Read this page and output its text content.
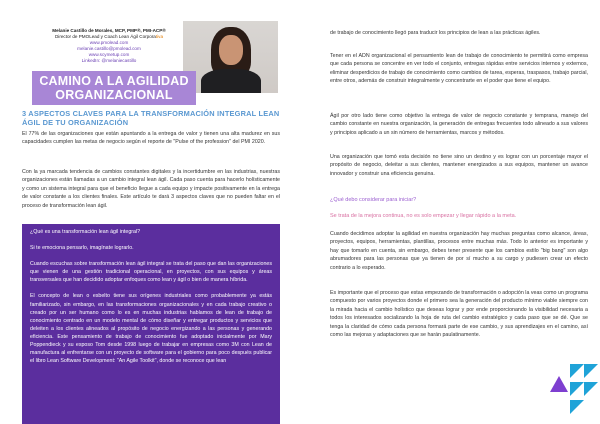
Melanie Castillo de Morales, MCP, PMP®, PMI-ACP®
Director de PMOLead y Coach Lean Ágil Corporativa
www.pmolead.com
melanie.castillo@pmolead.com
www.scymetup.com
LinkedIn: @melaniecastillo
CAMINO A LA AGILIDAD ORGANIZACIONAL
3 ASPECTOS CLAVES PARA LA TRANSFORMACIÓN INTEGRAL LEAN ÁGIL DE TU ORGANIZACIÓN
El 77% de las organizaciones que están apuntando a la entrega de valor y tienen una alta madurez en sus capacidades cumplen las metas de negocio según el reporte de "Pulse of the profession" del PMI 2020.
Con la ya marcada tendencia de cambios constantes digitales y la incertidumbre en las industrias, nuestras organizaciones están llamadas a un cambio integral lean ágil. Cada paso cuenta para hacerlo holísticamente y como un sistema integral para que el beneficio llegue a cada equipo y impacte positivamente en la entrega de valor constante a los clientes finales. Este artículo te dará 3 aspectos claves que no pueden faltar en el proceso de transformación lean ágil.
¿Qué es una transformación lean ágil integral?
Si te emociona pensarlo, imagínate lograrlo.
Cuando escuchas sobre transformación lean ágil integral se trata del paso que dan las organizaciones que vienen de una gestión tradicional operacional, en proyectos, con sus equipos y áreas transversales que han decidido adoptar enfoques como lean y ágil o bien de manera híbrida.
El concepto de lean o esbelto tiene sus orígenes industriales como probablemente ya estás familiarizado, sin embargo, en las transformaciones organizacionales y en cada trabajo creativo o creado por un ser humano como lo es en muchas industrias hablamos de lean de trabajo de conocimiento centrado en un modelo mental de cómo diseñar y entregar productos y servicios que deleiten a los clientes alineados al propósito de negocio energizando a las personas y generando eficiencia. Este pensamiento de trabajo de conocimiento fue adoptado inicialmente por Mary Poppendieck y su esposo Tom desde 1998 luego de trabajar en empresas como 3M con Lean de manufactura al enfrentarse con un proyecto de software para el gobierno para poco después publicar el libro Lean Software Development: "An Agile Toolkit", donde se reconoce que lean
de trabajo de conocimiento llegó para traducir los principios de lean a las prácticas ágiles.
Tener en el ADN organizacional el pensamiento lean de trabajo de conocimiento te permitirá como empresa que cada persona se concentre en ver todo el conjunto, entregas rápidas entre servicios internos y externos, eliminar desperdicios de trabajo de conocimiento como cambios de tarea, esperas, traspasos, trabajo parcial, entre otros, además de construir integralmente y concentrarte en el poder que tiene el equipo.
Ágil por otro lado tiene como objetivo la entrega de valor de negocio constante y temprana, manejo del cambio constante en nuestra organización, la generación de entregas frecuentes todo alineado a sus valores y principios aplicado a un sin número de herramientas, marcos y métodos.
Una organización que tomó esta decisión no tiene sino un destino y es lograr con un porcentaje mayor el propósito de negocio, deleitar a sus clientes, mantener energizados a sus equipos, mantener un avance innovador y construir una eficiencia genuina.
¿Qué debo considerar para iniciar?
Se trata de la mejora continua, no es solo empezar y llegar rápido a la meta.
Cuando decidimos adoptar la agilidad en nuestra organización hay muchas preguntas como alcance, áreas, proyectos, equipos, herramientas, plantillas, procesos entre muchas más. Todo lo anterior es importante y hay que tomarlo en cuenta, sin embargo, debes tener presente que los cambios estilo "big bang" son algo abrumadores para las personas que ya tienen de por sí mucho a su cargo y pudiesen crear un efecto contrario a lo esperado.
Es importante que el proceso que estas empezando de transformación o adopción la veas como un programa compuesto por varios proyectos donde el primero sea la generación del producto mínimo viable siempre con la mirada hacia el cambio holístico que deseas lograr y por ende proporcionando la visibilidad necesaria a todos los interesados socializando la hoja de ruta del cambio estratégico y cada paso que se dé. Que se tenga la claridad de cómo cada persona formará parte de ese cambio, y sus aprendizajes en el camino, así como las mejoras y adaptaciones que se harán paulatinamente.
